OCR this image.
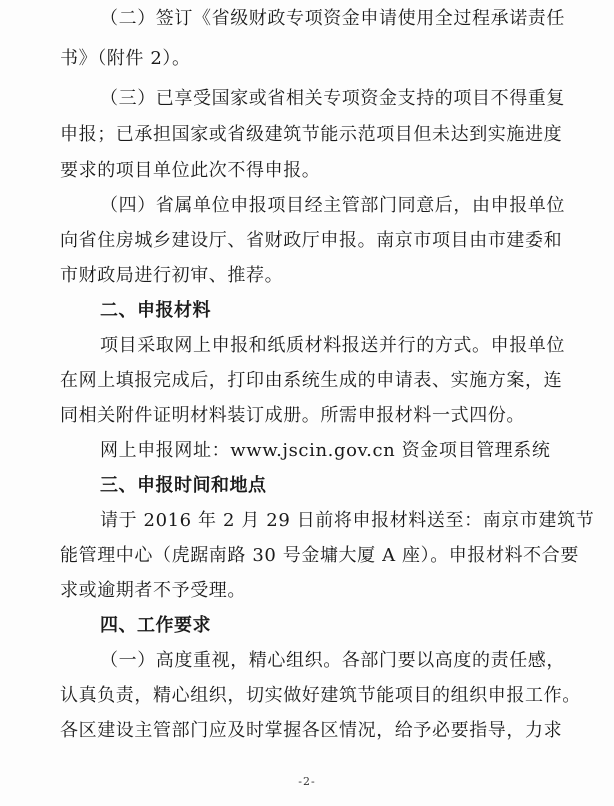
（二）签订《省级财政专项资金申请使用全过程承诺责任
书》（附件 2）。
（三）已享受国家或省相关专项资金支持的项目不得重复
申报；已承担国家或省级建筑节能示范项目但未达到实施进度
要求的项目单位此次不得申报。
（四）省属单位申报项目经主管部门同意后，由申报单位
向省住房城乡建设厅、省财政厅申报。南京市项目由市建委和
市财政局进行初审、推荐。
二、申报材料
项目采取网上申报和纸质材料报送并行的方式。申报单位
在网上填报完成后，打印由系统生成的申请表、实施方案，连
同相关附件证明材料装订成册。所需申报材料一式四份。
网上申报网址：www.jscin.gov.cn 资金项目管理系统
三、申报时间和地点
请于 2016 年 2 月 29 日前将申报材料送至：南京市建筑节
能管理中心（虎踞南路 30 号金墉大厦 A 座）。申报材料不合要
求或逾期者不予受理。
四、工作要求
（一）高度重视，精心组织。各部门要以高度的责任感，
认真负责，精心组织，切实做好建筑节能项目的组织申报工作。
各区建设主管部门应及时掌握各区情况，给予必要指导，力求
-2-
